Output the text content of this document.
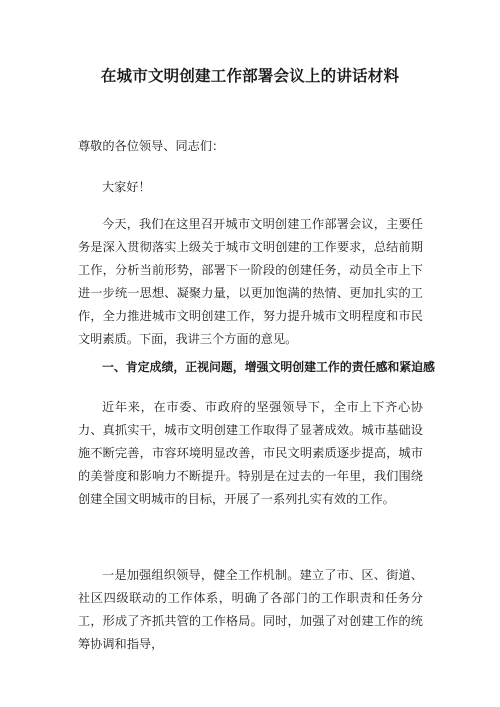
在城市文明创建工作部署会议上的讲话材料

尊敬的各位领导、同志们：

大家好！

今天，我们在这里召开城市文明创建工作部署会议，主要任务是深入贯彻落实上级关于城市文明创建的工作要求，总结前期工作，分析当前形势，部署下一阶段的创建任务，动员全市上下进一步统一思想、凝聚力量，以更加饱满的热情、更加扎实的工作，全力推进城市文明创建工作，努力提升城市文明程度和市民文明素质。下面，我讲三个方面的意见。

一、肯定成绩，正视问题，增强文明创建工作的责任感和紧迫感

近年来，在市委、市政府的坚强领导下，全市上下齐心协力、真抓实干，城市文明创建工作取得了显著成效。城市基础设施不断完善，市容环境明显改善，市民文明素质逐步提高，城市的美誉度和影响力不断提升。特别是在过去的一年里，我们围绕创建全国文明城市的目标，开展了一系列扎实有效的工作。

一是加强组织领导，健全工作机制。建立了市、区、街道、社区四级联动的工作体系，明确了各部门的工作职责和任务分工，形成了齐抓共管的工作格局。同时，加强了对创建工作的统筹协调和指导，
